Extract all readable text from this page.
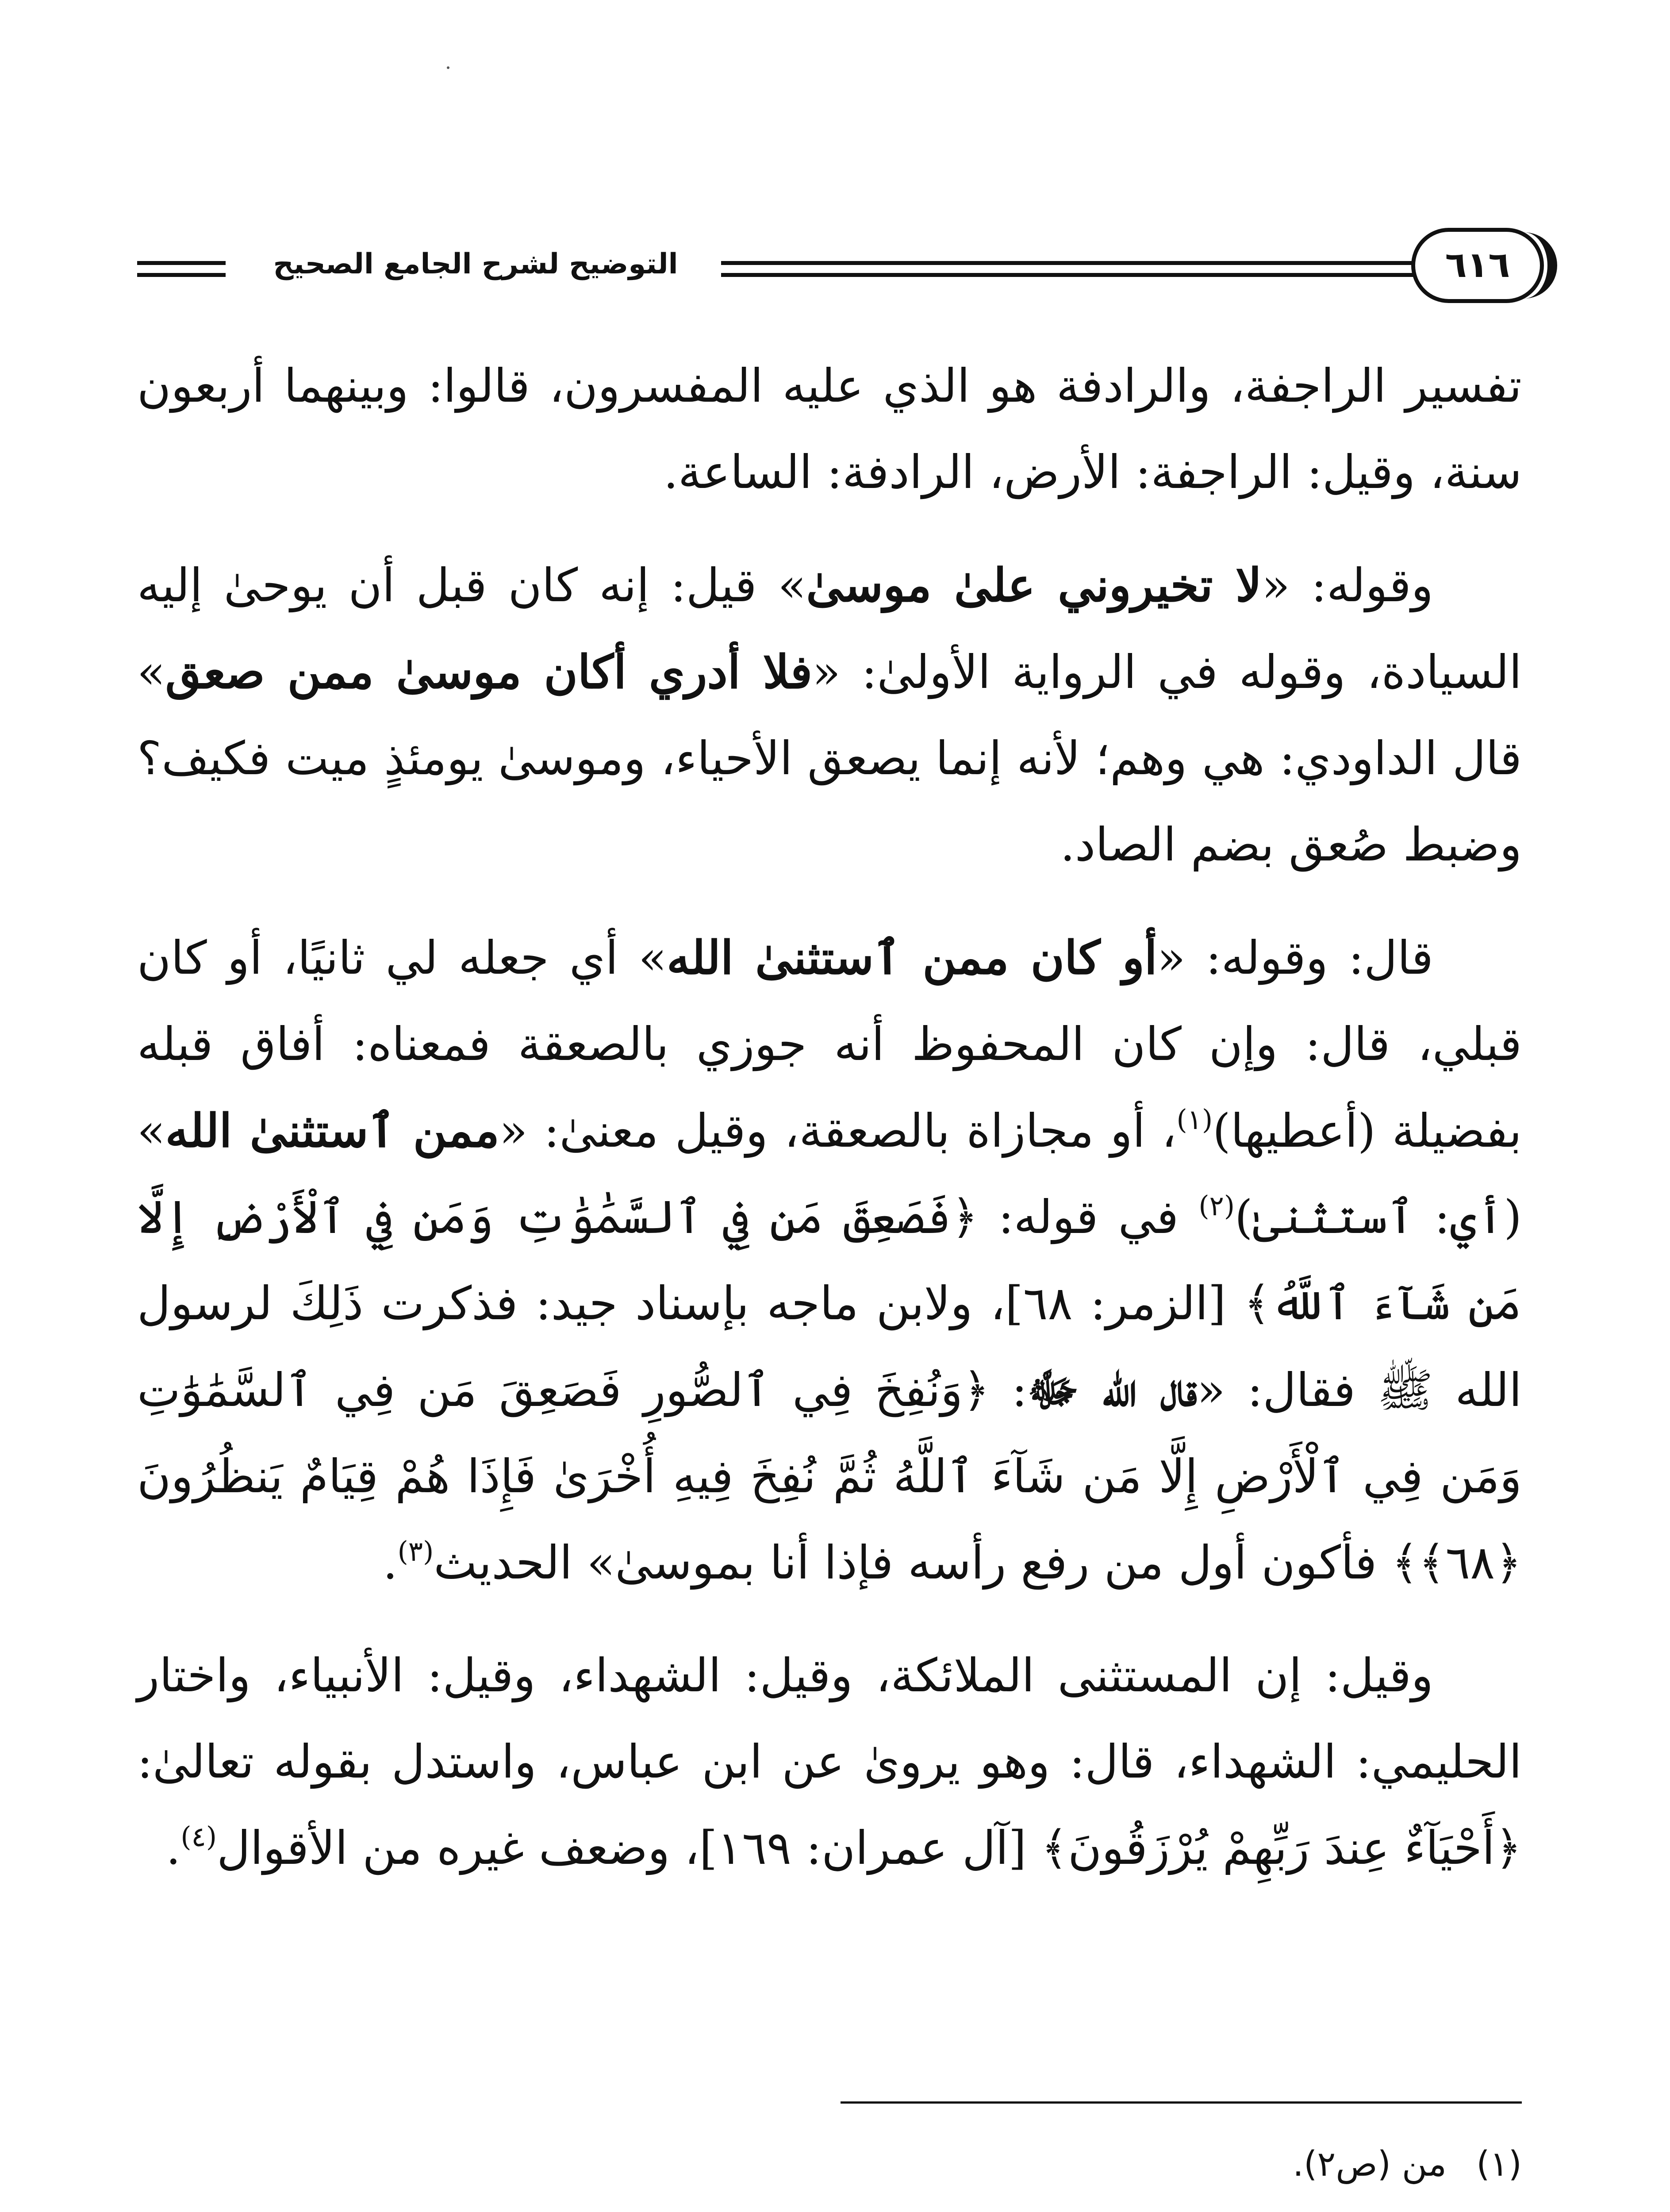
التوضيح لشرح الجامع الصحيح	٦١٦

تفسير الراجفة، والرادفة هو الذي عليه المفسرون، قالوا: وبينهما أربعون سنة، وقيل: الراجفة: الأرض، الرادفة: الساعة.

وقوله: «لا تخيروني علىٰ موسىٰ» قيل: إنه كان قبل أن يوحىٰ إليه السيادة، وقوله في الرواية الأولىٰ: «فلا أدري أكان موسىٰ ممن صعق» قال الداودي: هي وهم؛ لأنه إنما يصعق الأحياء، وموسىٰ يومئذٍ ميت فكيف؟ وضبط صُعق بضم الصاد.

قال: وقوله: «أو كان ممن ٱستثنىٰ الله» أي جعله لي ثانيًا، أو كان قبلي، قال: وإن كان المحفوظ أنه جوزي بالصعقة فمعناه: أفاق قبله بفضيلة (أعطيها)$^{(١)}$، أو مجازاة بالصعقة، وقيل معنىٰ: «ممن ٱستثنىٰ الله» (أي: ٱستثنىٰ)$^{(٢)}$ في قوله: ﴿فَصَعِقَ مَن فِي ٱلسَّمَٰوَٰتِ وَمَن فِي ٱلْأَرْضِ إِلَّا مَن شَآءَ ٱللَّهُ﴾ [الزمر: ٦٨]، ولابن ماجه بإسناد جيد: فذكرت ذَلِكَ لرسول الله ﷺ فقال: «قال الله ﷻ: ﴿وَنُفِخَ فِي ٱلصُّورِ فَصَعِقَ مَن فِي ٱلسَّمَٰوَٰتِ وَمَن فِي ٱلْأَرْضِ إِلَّا مَن شَآءَ ٱللَّهُ ثُمَّ نُفِخَ فِيهِ أُخْرَىٰ فَإِذَا هُمْ قِيَامٌ يَنظُرُونَ ﴿٦٨﴾﴾ فأكون أول من رفع رأسه فإذا أنا بموسىٰ» الحديث$^{(٣)}$.

وقيل: إن المستثنى الملائكة، وقيل: الشهداء، وقيل: الأنبياء، واختار الحليمي: الشهداء، قال: وهو يروىٰ عن ابن عباس، واستدل بقوله تعالىٰ: ﴿أَحْيَآءٌ عِندَ رَبِّهِمْ يُرْزَقُونَ﴾ [آل عمران: ١٦٩]، وضعف غيره من الأقوال$^{(٤)}$.

(١)من (ص٢).
